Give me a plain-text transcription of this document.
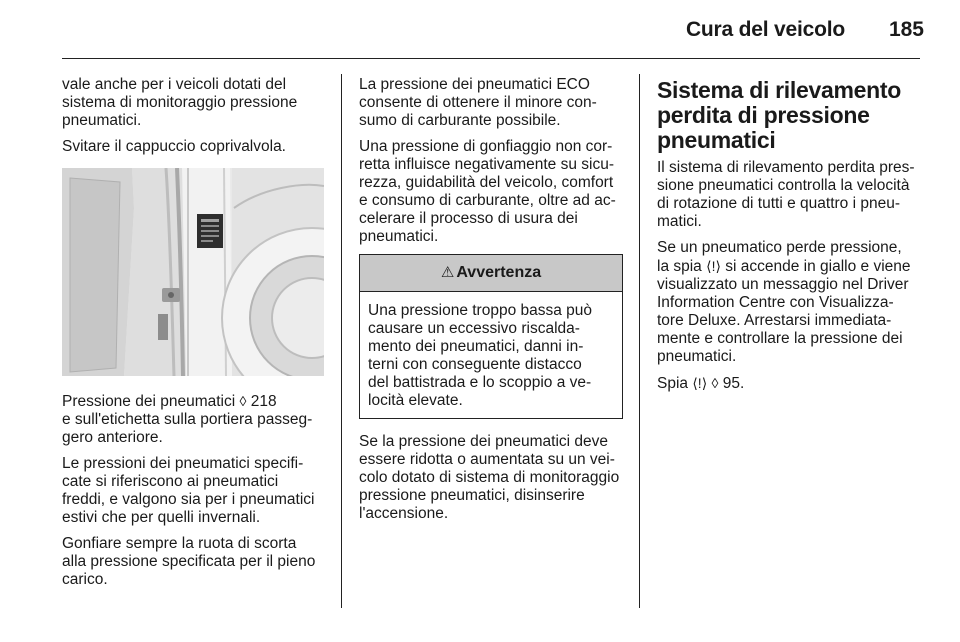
Cura del veicolo	185

vale anche per i veicoli dotati del
sistema di monitoraggio pressione
pneumatici.

Svitare il cappuccio coprivalvola.

Pressione dei pneumatici ◊ 218
e sull'etichetta sulla portiera passeg-
gero anteriore.

Le pressioni dei pneumatici specifi-
cate si riferiscono ai pneumatici
freddi, e valgono sia per i pneumatici
estivi che per quelli invernali.

Gonfiare sempre la ruota di scorta
alla pressione specificata per il pieno
carico.

La pressione dei pneumatici ECO
consente di ottenere il minore con-
sumo di carburante possibile.

Una pressione di gonfiaggio non cor-
retta influisce negativamente su sicu-
rezza, guidabilità del veicolo, comfort
e consumo di carburante, oltre ad ac-
celerare il processo di usura dei
pneumatici.

⚠ Avvertenza
Una pressione troppo bassa può
causare un eccessivo riscalda-
mento dei pneumatici, danni in-
terni con conseguente distacco
del battistrada e lo scoppio a ve-
locità elevate.

Se la pressione dei pneumatici deve
essere ridotta o aumentata su un vei-
colo dotato di sistema di monitoraggio
pressione pneumatici, disinserire
l'accensione.

Sistema di rilevamento
perdita di pressione
pneumatici

Il sistema di rilevamento perdita pres-
sione pneumatici controlla la velocità
di rotazione di tutti e quattro i pneu-
matici.

Se un pneumatico perde pressione,
la spia ⟨!⟩ si accende in giallo e viene
visualizzato un messaggio nel Driver
Information Centre con Visualizza-
tore Deluxe. Arrestarsi immediata-
mente e controllare la pressione dei
pneumatici.

Spia ⟨!⟩ ◊ 95.
